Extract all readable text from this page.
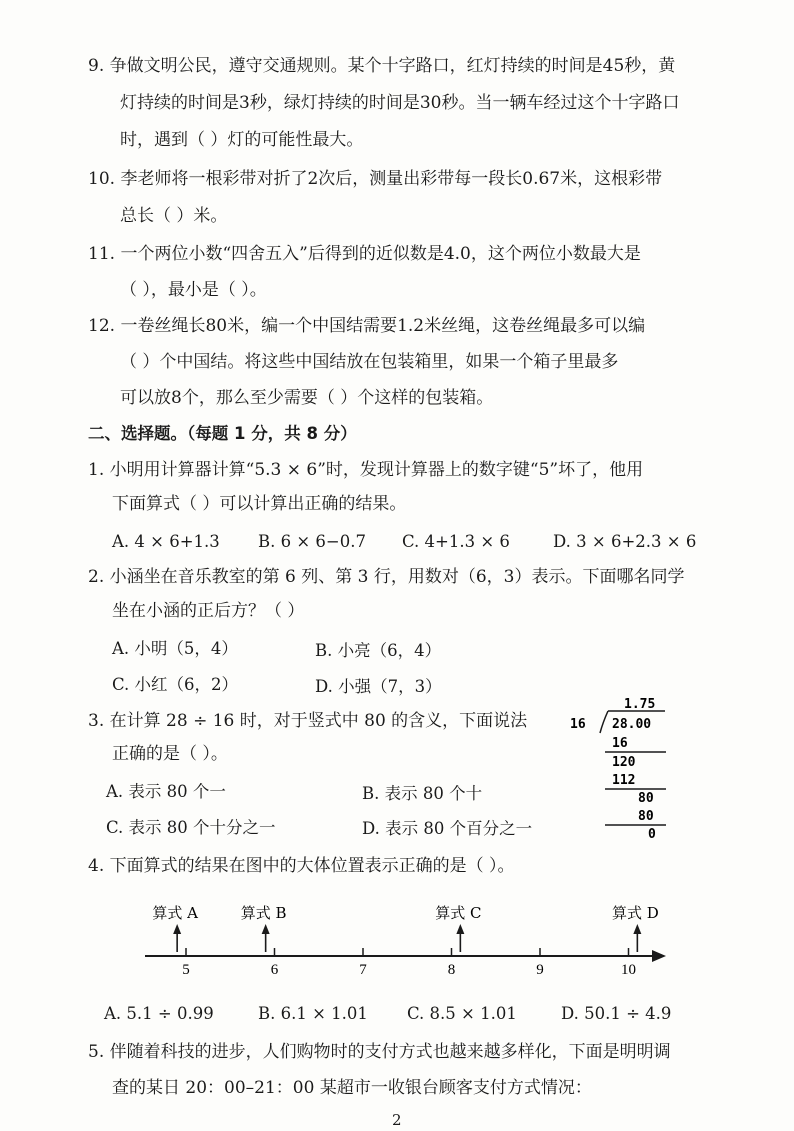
9. 争做文明公民，遵守交通规则。某个十字路口，红灯持续的时间是45秒，黄
灯持续的时间是3秒，绿灯持续的时间是30秒。当一辆车经过这个十字路口
时，遇到（ ）灯的可能性最大。
10. 李老师将一根彩带对折了2次后，测量出彩带每一段长0.67米，这根彩带
总长（ ）米。
11. 一个两位小数“四舍五入”后得到的近似数是4.0，这个两位小数最大是
（ ），最小是（ ）。
12. 一卷丝绳长80米，编一个中国结需要1.2米丝绳，这卷丝绳最多可以编
（ ）个中国结。将这些中国结放在包装箱里，如果一个箱子里最多
可以放8个，那么至少需要（ ）个这样的包装箱。
二、选择题。（每题 1 分，共 8 分）
1. 小明用计算器计算“5.3 × 6”时，发现计算器上的数字键“5”坏了，他用
下面算式（ ）可以计算出正确的结果。
A. 4 × 6+1.3 B. 6 × 6−0.7 C. 4+1.3 × 6	D. 3 × 6+2.3 × 6
2. 小涵坐在音乐教室的第 6 列、第 3 行，用数对（6，3）表示。下面哪名同学
坐在小涵的正后方？（ ）
A. 小明（5，4）	B. 小亮（6，4）
C. 小红（6，2）	D. 小强（7，3）
3. 在计算 28 ÷ 16 时，对于竖式中 80 的含义，下面说法
正确的是（ ）。
A. 表示 80 个一	B. 表示 80 个十
C. 表示 80 个十分之一	D. 表示 80 个百分之一
1.75
16 28.00
16
120
112
80
80
0
4. 下面算式的结果在图中的大体位置表示正确的是（ ）。
5	6	7	8	9	10
算式 A	算式 B	算式 C	算式 D
A. 5.1 ÷ 0.99	B. 6.1 × 1.01 C. 8.5 × 1.01	D. 50.1 ÷ 4.9
5. 伴随着科技的进步，人们购物时的支付方式也越来越多样化，下面是明明调
查的某日 20：00–21：00 某超市一收银台顾客支付方式情况：
2
